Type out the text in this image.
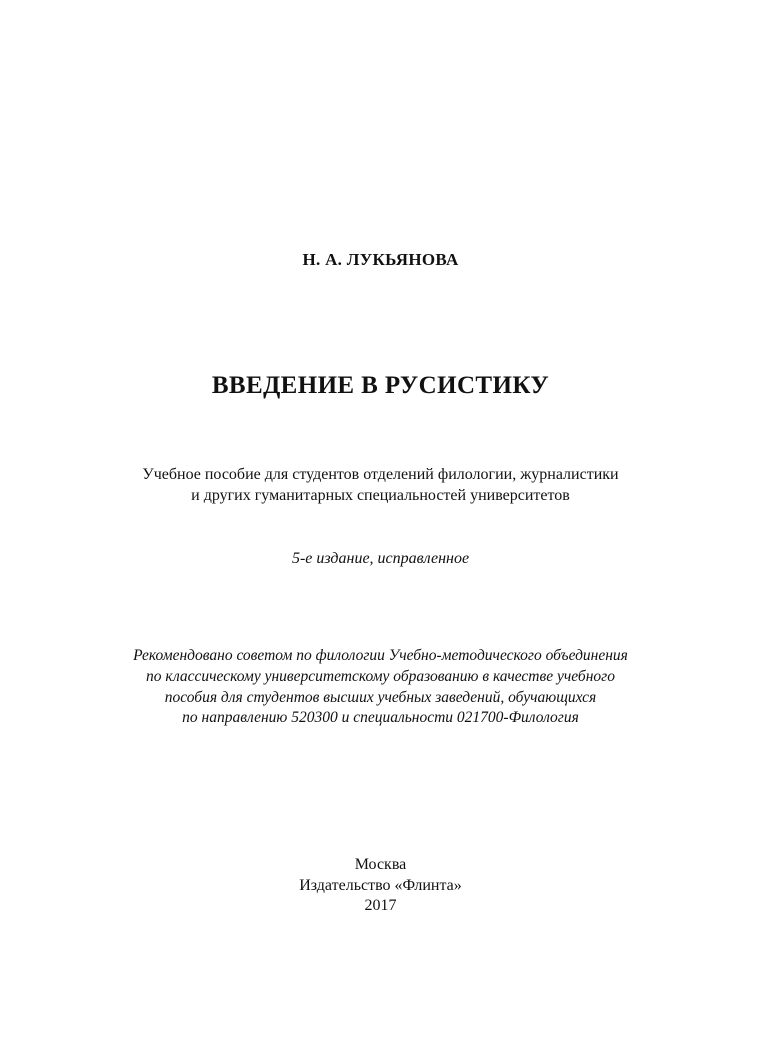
Н. А. ЛУКЬЯНОВА
ВВЕДЕНИЕ В РУСИСТИКУ
Учебное пособие для студентов отделений филологии, журналистики
и других гуманитарных специальностей университетов
5-е издание, исправленное
Рекомендовано советом по филологии Учебно-методического объединения
по классическому университетскому образованию в качестве учебного
пособия для студентов высших учебных заведений, обучающихся
по направлению 520300 и специальности 021700-Филология
Москва
Издательство «Флинта»
2017
